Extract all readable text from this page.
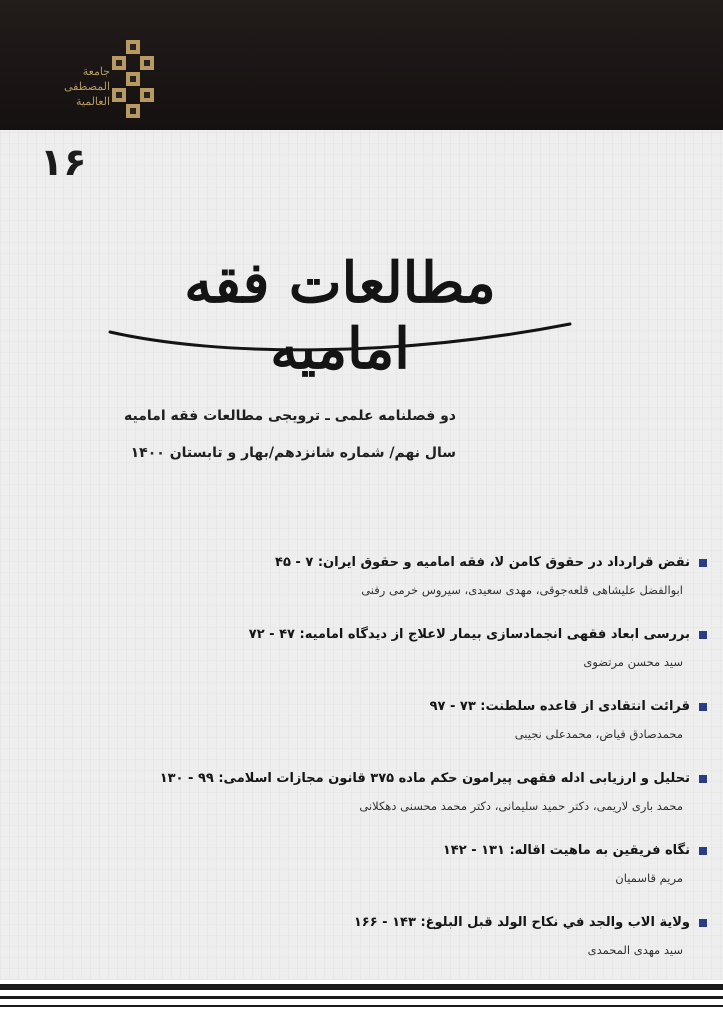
جامعة
المصطفی
العالمية
۱۶
مطالعات فقه امامیه
دو فصلنامه علمی ـ ترویجی مطالعات فقه امامیه
سال نهم/ شماره شانزدهم/بهار و تابستان ۱۴۰۰
نقض قرارداد در حقوق کامن لا، فقه امامیه و حقوق ایران: ۷ - ۴۵
ابوالفضل علیشاهی قلعه‌جوقی، مهدی سعیدی، سیروس خرمی رفنی
بررسی ابعاد فقهی انجمادسازی بیمار لاعلاج از دیدگاه امامیه: ۴۷ - ۷۲
سید محسن مرتضوی
قرائت انتقادی از قاعده سلطنت: ۷۳ - ۹۷
محمدصادق فیاض، محمدعلی نجیبی
تحلیل و ارزیابی ادله فقهی پیرامون حکم ماده ۳۷۵ قانون مجازات اسلامی: ۹۹ - ۱۳۰
محمد باری لاریمی، دکتر حمید سلیمانی، دکتر محمد محسنی دهکلانی
نگاه فریقین به ماهیت اقاله: ۱۳۱ - ۱۴۲
مریم قاسمیان
ولایة الاب والجد في نكاح الولد قبل البلوغ: ۱۴۳ - ۱۶۶
سید مهدی المحمدی
